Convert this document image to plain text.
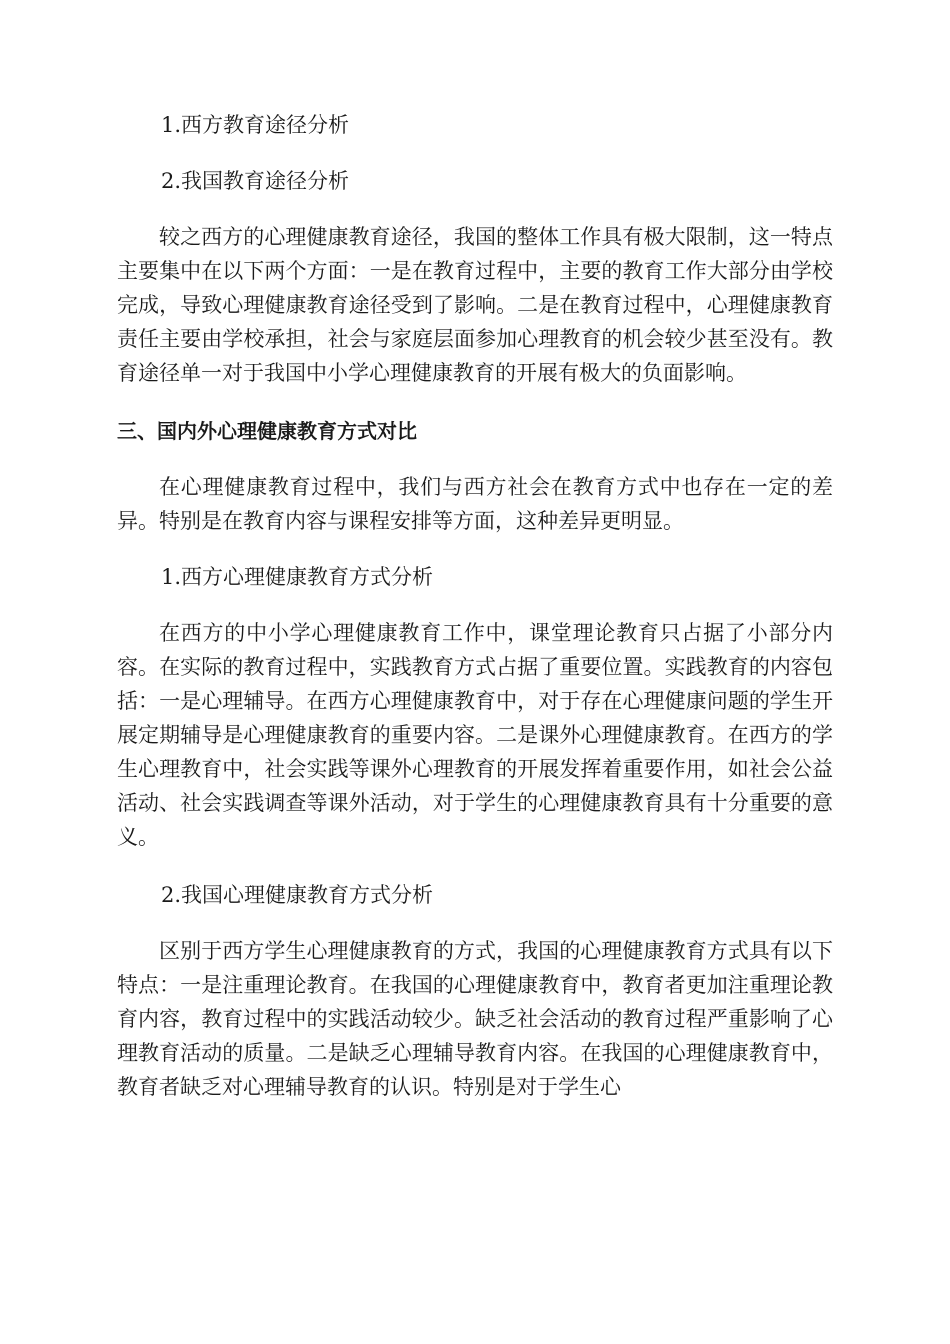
1.西方教育途径分析

2.我国教育途径分析

较之西方的心理健康教育途径，我国的整体工作具有极大限制，这一特点主要集中在以下两个方面：一是在教育过程中，主要的教育工作大部分由学校完成，导致心理健康教育途径受到了影响。二是在教育过程中，心理健康教育责任主要由学校承担，社会与家庭层面参加心理教育的机会较少甚至没有。教育途径单一对于我国中小学心理健康教育的开展有极大的负面影响。

三、国内外心理健康教育方式对比

在心理健康教育过程中，我们与西方社会在教育方式中也存在一定的差异。特别是在教育内容与课程安排等方面，这种差异更明显。

1.西方心理健康教育方式分析

在西方的中小学心理健康教育工作中，课堂理论教育只占据了小部分内容。在实际的教育过程中，实践教育方式占据了重要位置。实践教育的内容包括：一是心理辅导。在西方心理健康教育中，对于存在心理健康问题的学生开展定期辅导是心理健康教育的重要内容。二是课外心理健康教育。在西方的学生心理教育中，社会实践等课外心理教育的开展发挥着重要作用，如社会公益活动、社会实践调查等课外活动，对于学生的心理健康教育具有十分重要的意义。

2.我国心理健康教育方式分析

区别于西方学生心理健康教育的方式，我国的心理健康教育方式具有以下特点：一是注重理论教育。在我国的心理健康教育中，教育者更加注重理论教育内容，教育过程中的实践活动较少。缺乏社会活动的教育过程严重影响了心理教育活动的质量。二是缺乏心理辅导教育内容。在我国的心理健康教育中，教育者缺乏对心理辅导教育的认识。特别是对于学生心
